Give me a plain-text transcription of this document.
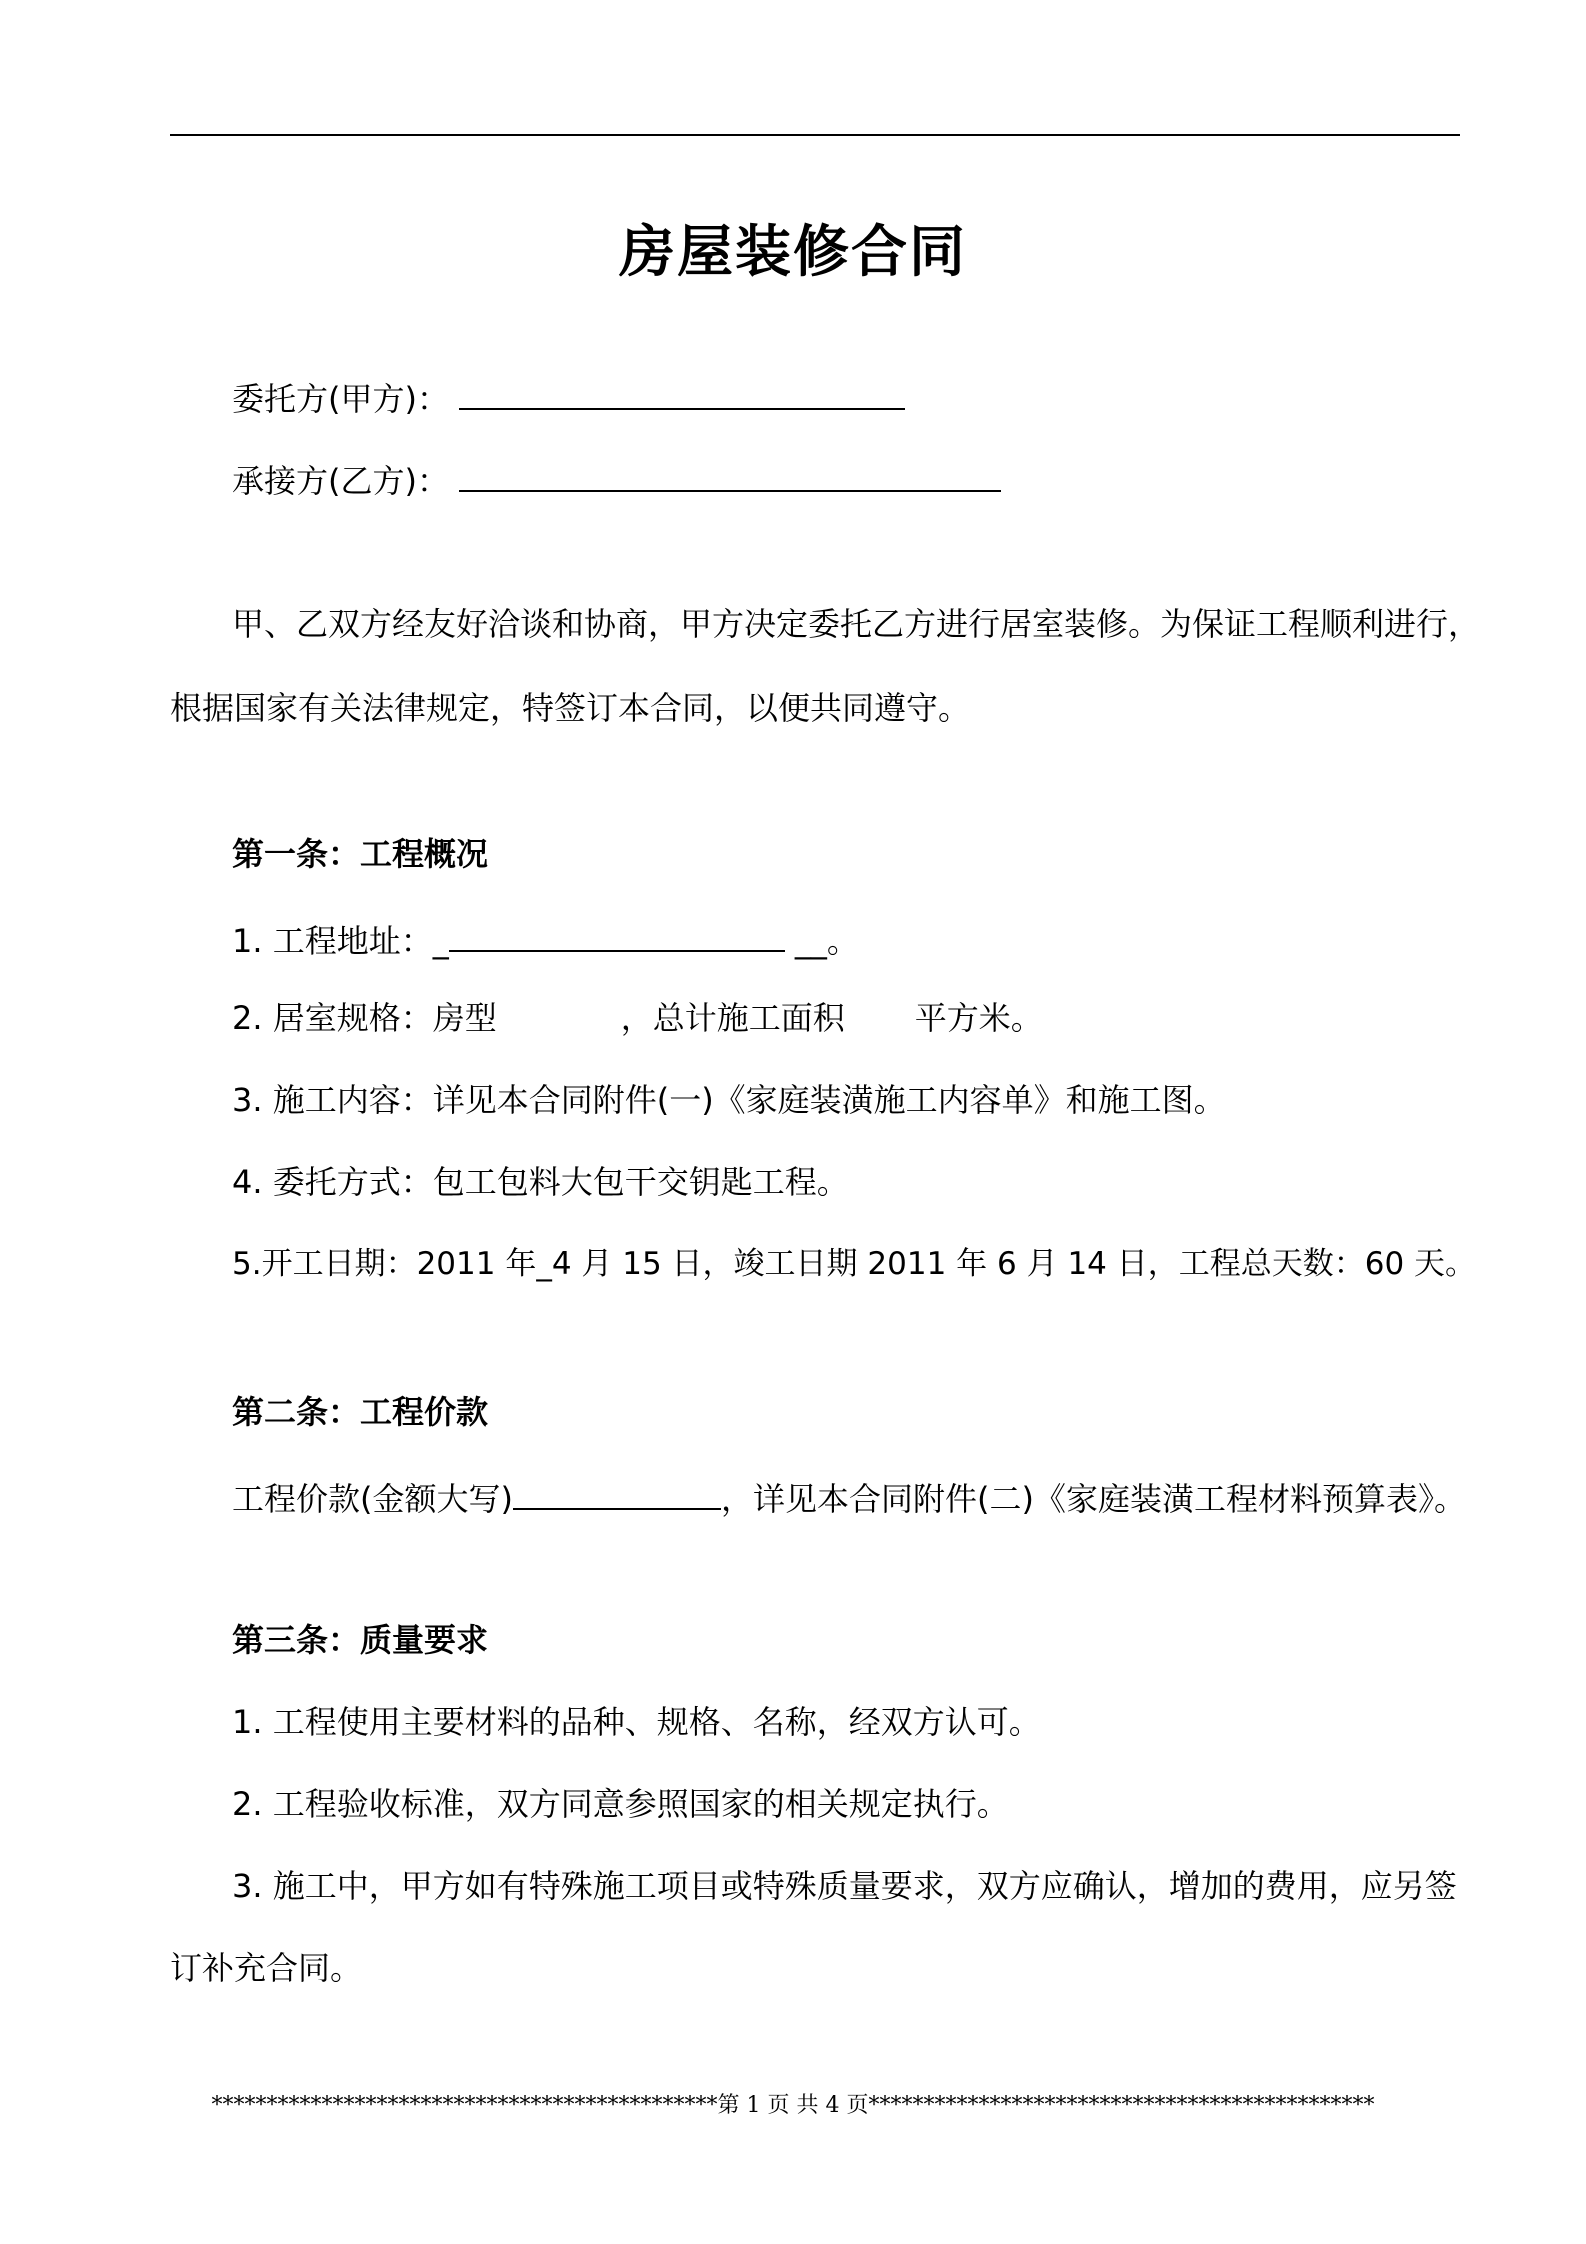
房屋装修合同
委托方(甲方)：
承接方(乙方)：
甲、乙双方经友好洽谈和协商，甲方决定委托乙方进行居室装修。为保证工程顺利进行，
根据国家有关法律规定，特签订本合同，以便共同遵守。
第一条：工程概况
1. 工程地址：_	__。
2. 居室规格：房型	，总计施工面积 平方米。
3. 施工内容：详见本合同附件(一)《家庭装潢施工内容单》和施工图。
4. 委托方式：包工包料大包干交钥匙工程。
5.开工日期：2011 年_4 月 15 日，竣工日期 2011 年 6 月 14 日，工程总天数：60 天。
第二条：工程价款
工程价款(金额大写)	，详见本合同附件(二)《家庭装潢工程材料预算表》。
第三条：质量要求
1. 工程使用主要材料的品种、规格、名称，经双方认可。
2. 工程验收标准，双方同意参照国家的相关规定执行。
3. 施工中，甲方如有特殊施工项目或特殊质量要求，双方应确认，增加的费用，应另签
订补充合同。
**********************************************第 1 页 共 4 页**********************************************
